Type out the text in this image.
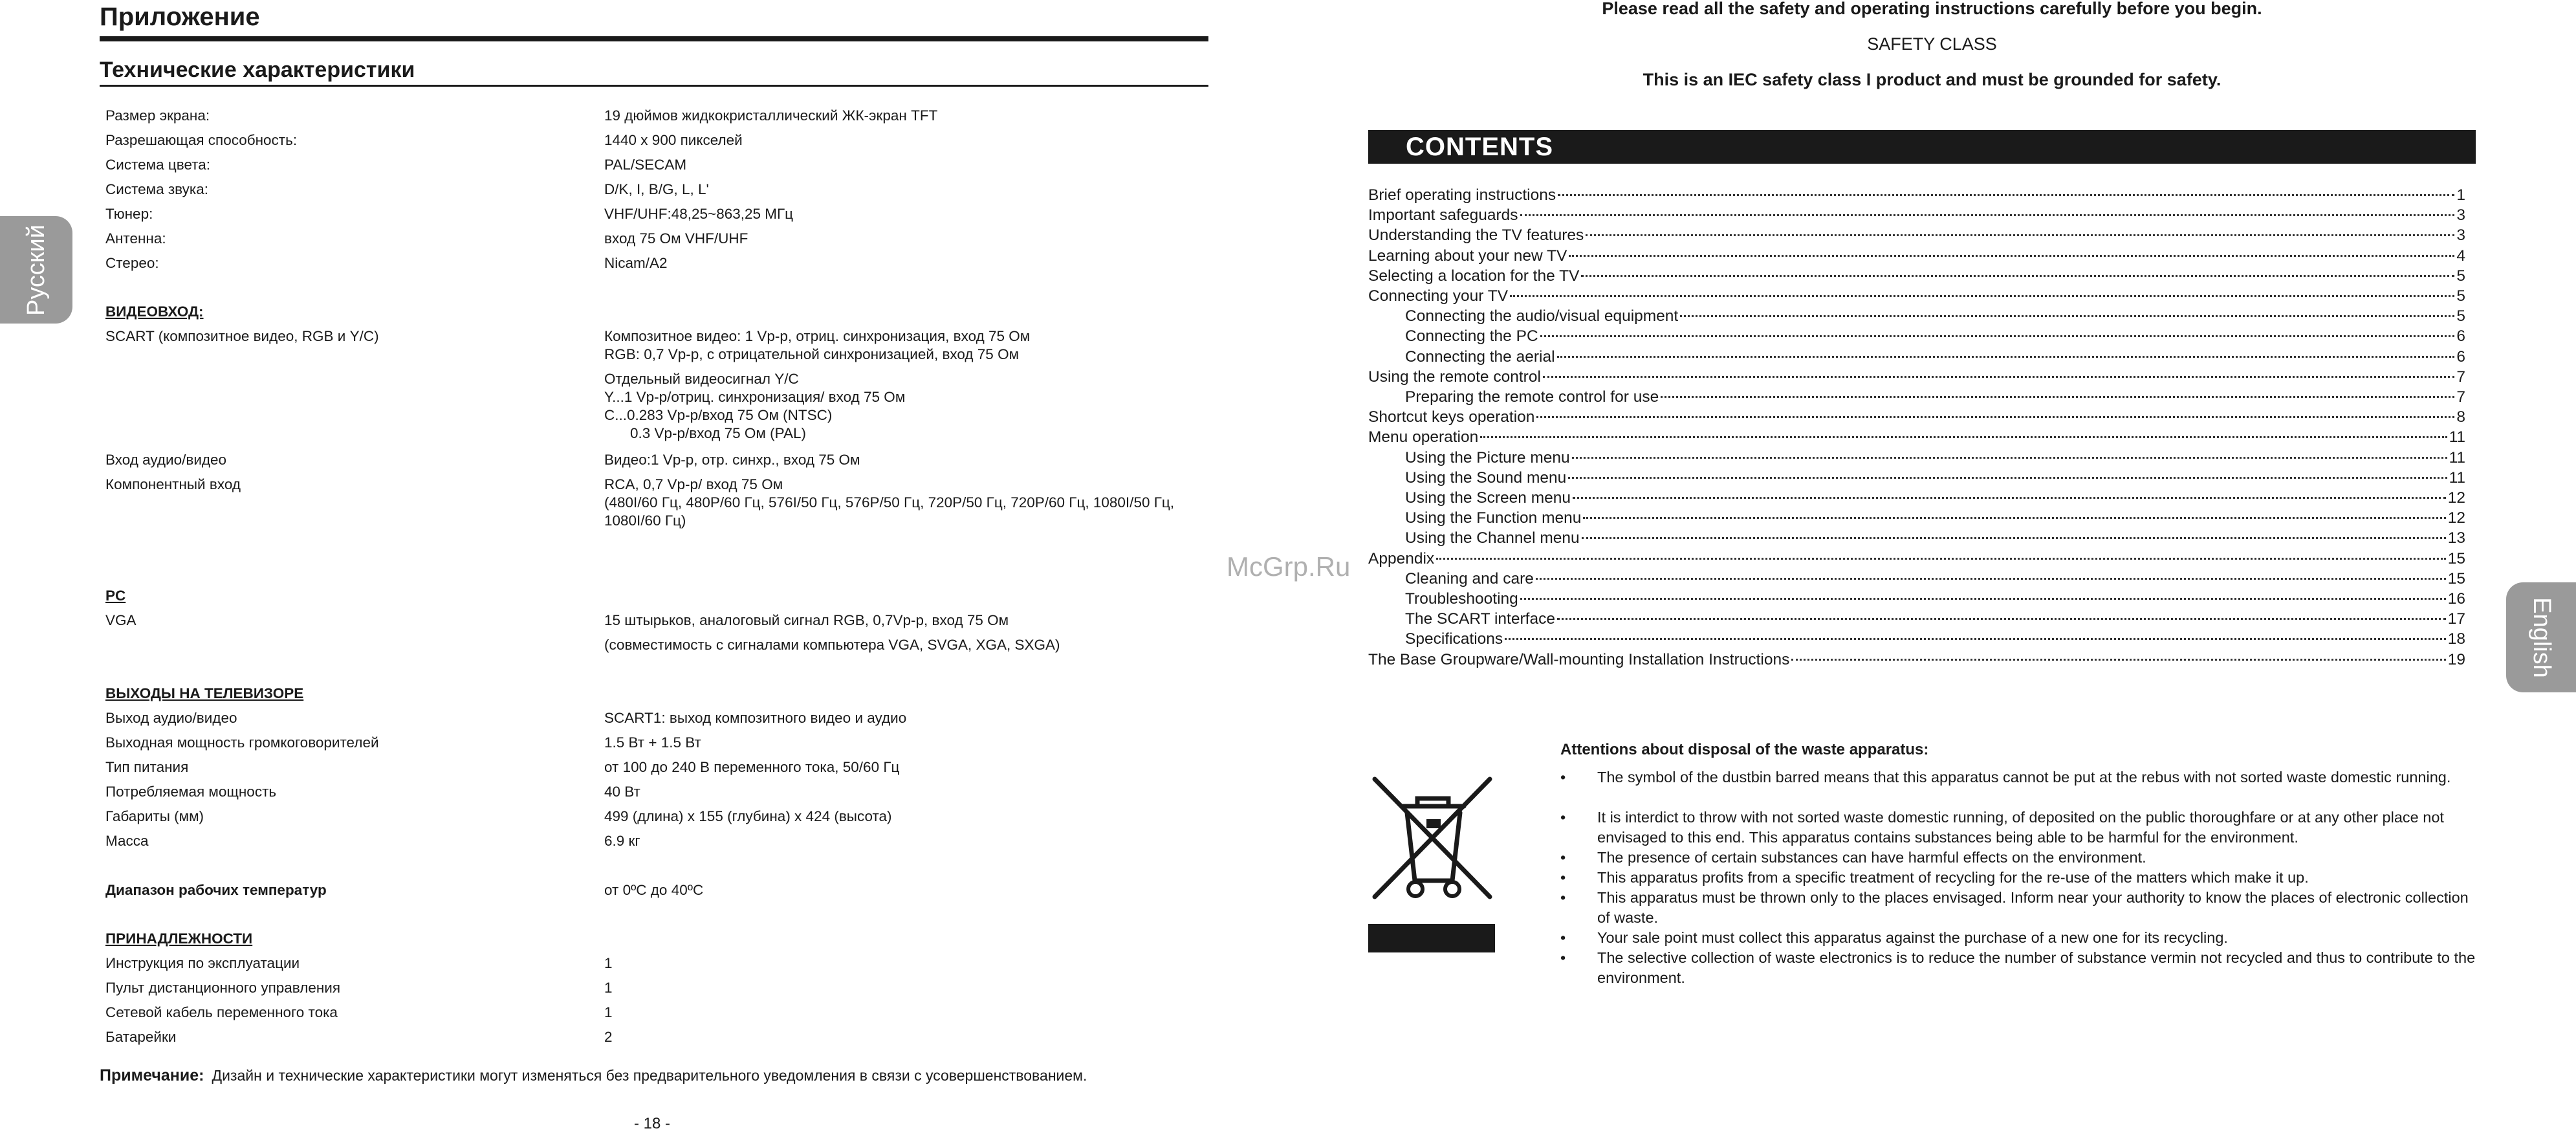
Приложение
Технические характеристики
Размер экрана:	19 дюймов жидкокристаллический ЖК-экран TFT
Разрешающая способность:	1440 x 900 пикселей
Система цвета:	PAL/SECAM
Система звука:	D/K, I, B/G, L, L'
Тюнер:	VHF/UHF:48,25~863,25 МГц
Антенна:	вход 75 Ом VHF/UHF
Стерео:	Nicam/A2
ВИДЕОВХОД:
SCART (композитное видео, RGB и Y/C)	Композитное видео: 1 Vp-p, отриц. синхронизация, вход 75 Ом
RGB: 0,7 Vp-p, с отрицательной синхронизацией, вход 75 Ом
Отдельный видеосигнал Y/C
Y...1 Vp-p/отриц. синхронизация/ вход 75 Ом
C...0.283 Vp-p/вход 75 Ом (NTSC)
0.3 Vp-p/вход 75 Ом (PAL)
Вход аудио/видео	Видео:1 Vp-p, отр. синхр., вход 75 Ом
Компонентный вход	RCA, 0,7 Vp-p/ вход 75 Ом
(480I/60 Гц, 480P/60 Гц, 576I/50 Гц, 576P/50 Гц, 720P/50 Гц, 720P/60 Гц, 1080I/50 Гц,
1080I/60 Гц)
PC
VGA	15 штырьков, аналоговый сигнал RGB, 0,7Vp-p, вход 75 Ом
(совместимость с сигналами компьютера VGA, SVGA, XGA, SXGA)
ВЫХОДЫ НА ТЕЛЕВИЗОРЕ
Выход аудио/видео	SCART1: выход композитного видео и аудио
Выходная мощность громкоговорителей	1.5 Вт + 1.5 Вт
Тип питания	от 100 до 240 В переменного тока, 50/60 Гц
Потребляемая мощность	40 Вт
Габариты (мм)	499 (длина) x 155 (глубина) x 424 (высота)
Масса	6.9 кг
Диапазон рабочих температур	от 0ºС до 40ºС
ПРИНАДЛЕЖНОСТИ
Инструкция по эксплуатации	1
Пульт дистанционного управления	1
Сетевой кабель переменного тока	1
Батарейки	2
Примечание: Дизайн и технические характеристики могут изменяться без предварительного уведомления в связи с усовершенствованием.
- 18 -
Русский
McGrp.Ru
Please read all the safety and operating instructions carefully before you begin.
SAFETY CLASS
This is an IEC safety class I product and must be grounded for safety.
CONTENTS
Brief operating instructions	1
Important safeguards	3
Understanding the TV features	3
Learning about your new TV	4
Selecting a location for the TV	5
Connecting your TV	5
Connecting the audio/visual equipment	5
Connecting the PC	6
Connecting the aerial	6
Using the remote control	7
Preparing the remote control for use	7
Shortcut keys operation	8
Menu operation	11
Using the Picture menu	11
Using the Sound menu	11
Using the Screen menu	12
Using the Function menu	12
Using the Channel menu	13
Appendix	15
Cleaning and care	15
Troubleshooting	16
The SCART interface	17
Specifications	18
The Base Groupware/Wall-mounting Installation Instructions	19
Attentions about disposal of the waste apparatus:
•	The symbol of the dustbin barred means that this apparatus cannot be put at the rebus with not sorted waste domestic running.
•	It is interdict to throw with not sorted waste domestic running, of deposited on the public thoroughfare or at any other place not envisaged to this end. This apparatus contains substances being able to be harmful for the environment.
•	The presence of certain substances can have harmful effects on the environment.
•	This apparatus profits from a specific treatment of recycling for the re-use of the matters which make it up.
•	This apparatus must be thrown only to the places envisaged. Inform near your authority to know the places of electronic collection of waste.
•	Your sale point must collect this apparatus against the purchase of a new one for its recycling.
•	The selective collection of waste electronics is to reduce the number of substance vermin not recycled and thus to contribute to the environment.
English
